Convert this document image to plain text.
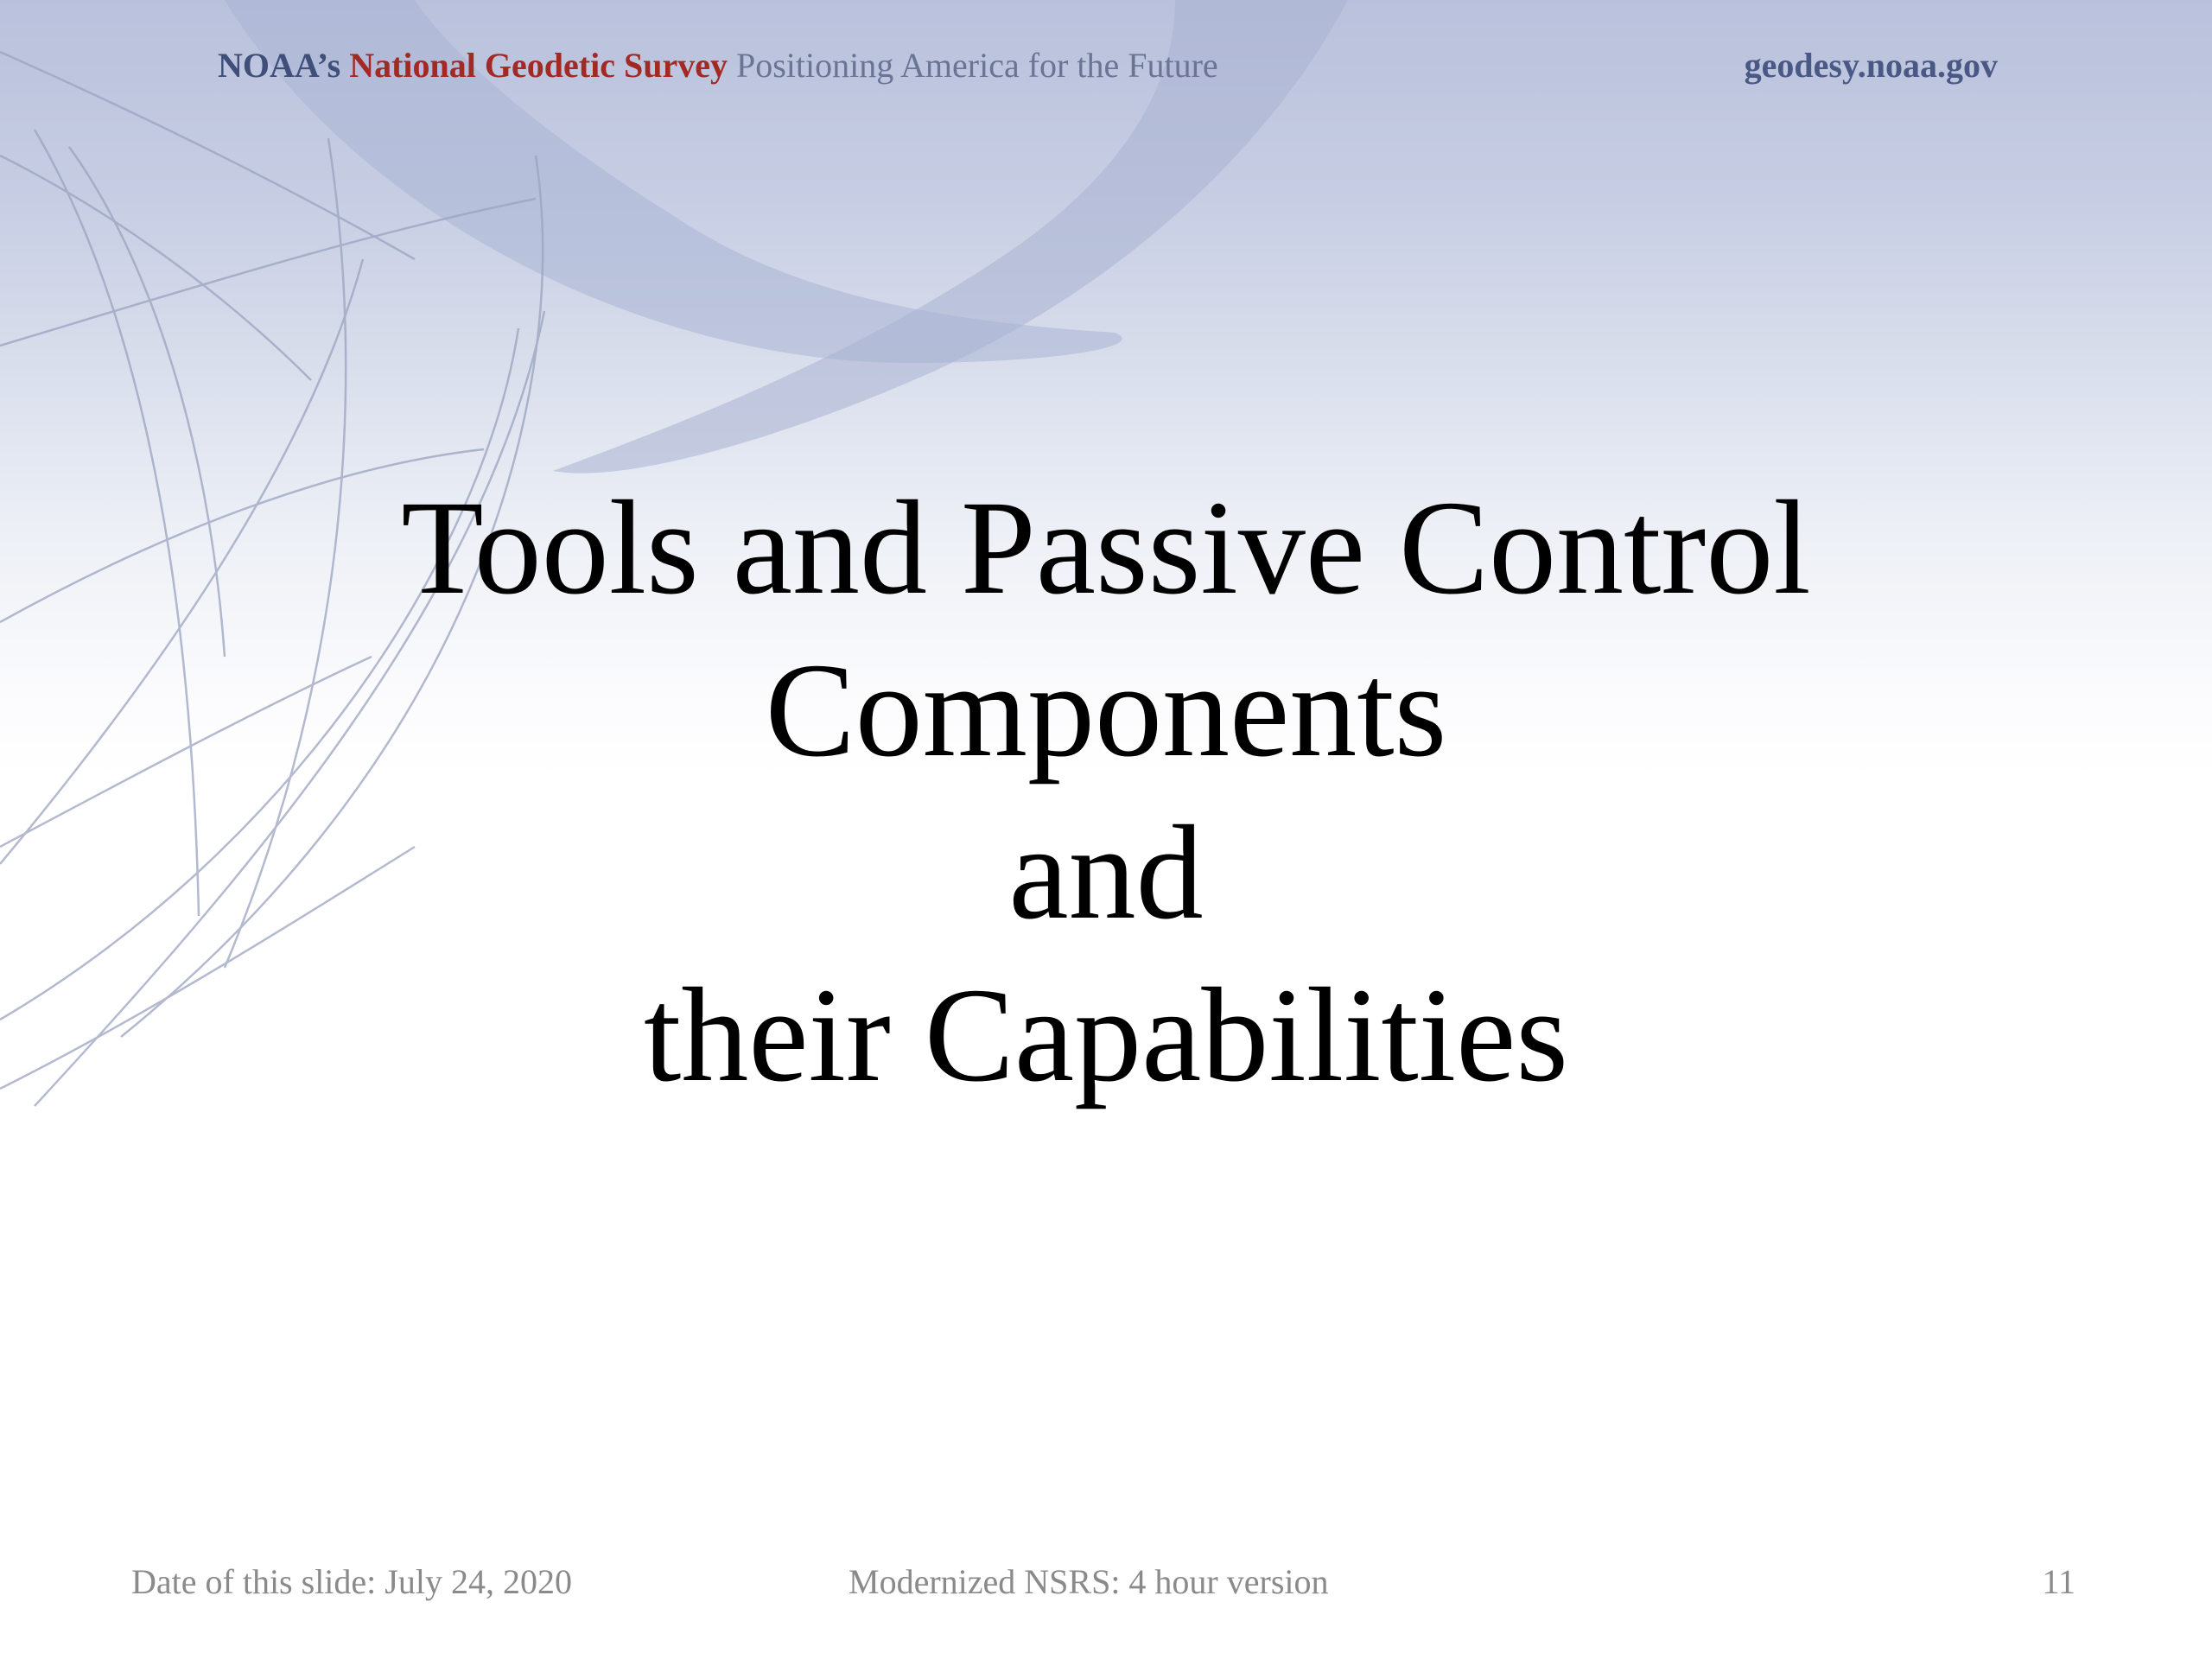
NOAA’s National Geodetic Survey Positioning America for the Future	geodesy.noaa.gov
Tools and Passive Control
Components
and
their Capabilities
Date of this slide: July 24, 2020	Modernized NSRS: 4 hour version	11
